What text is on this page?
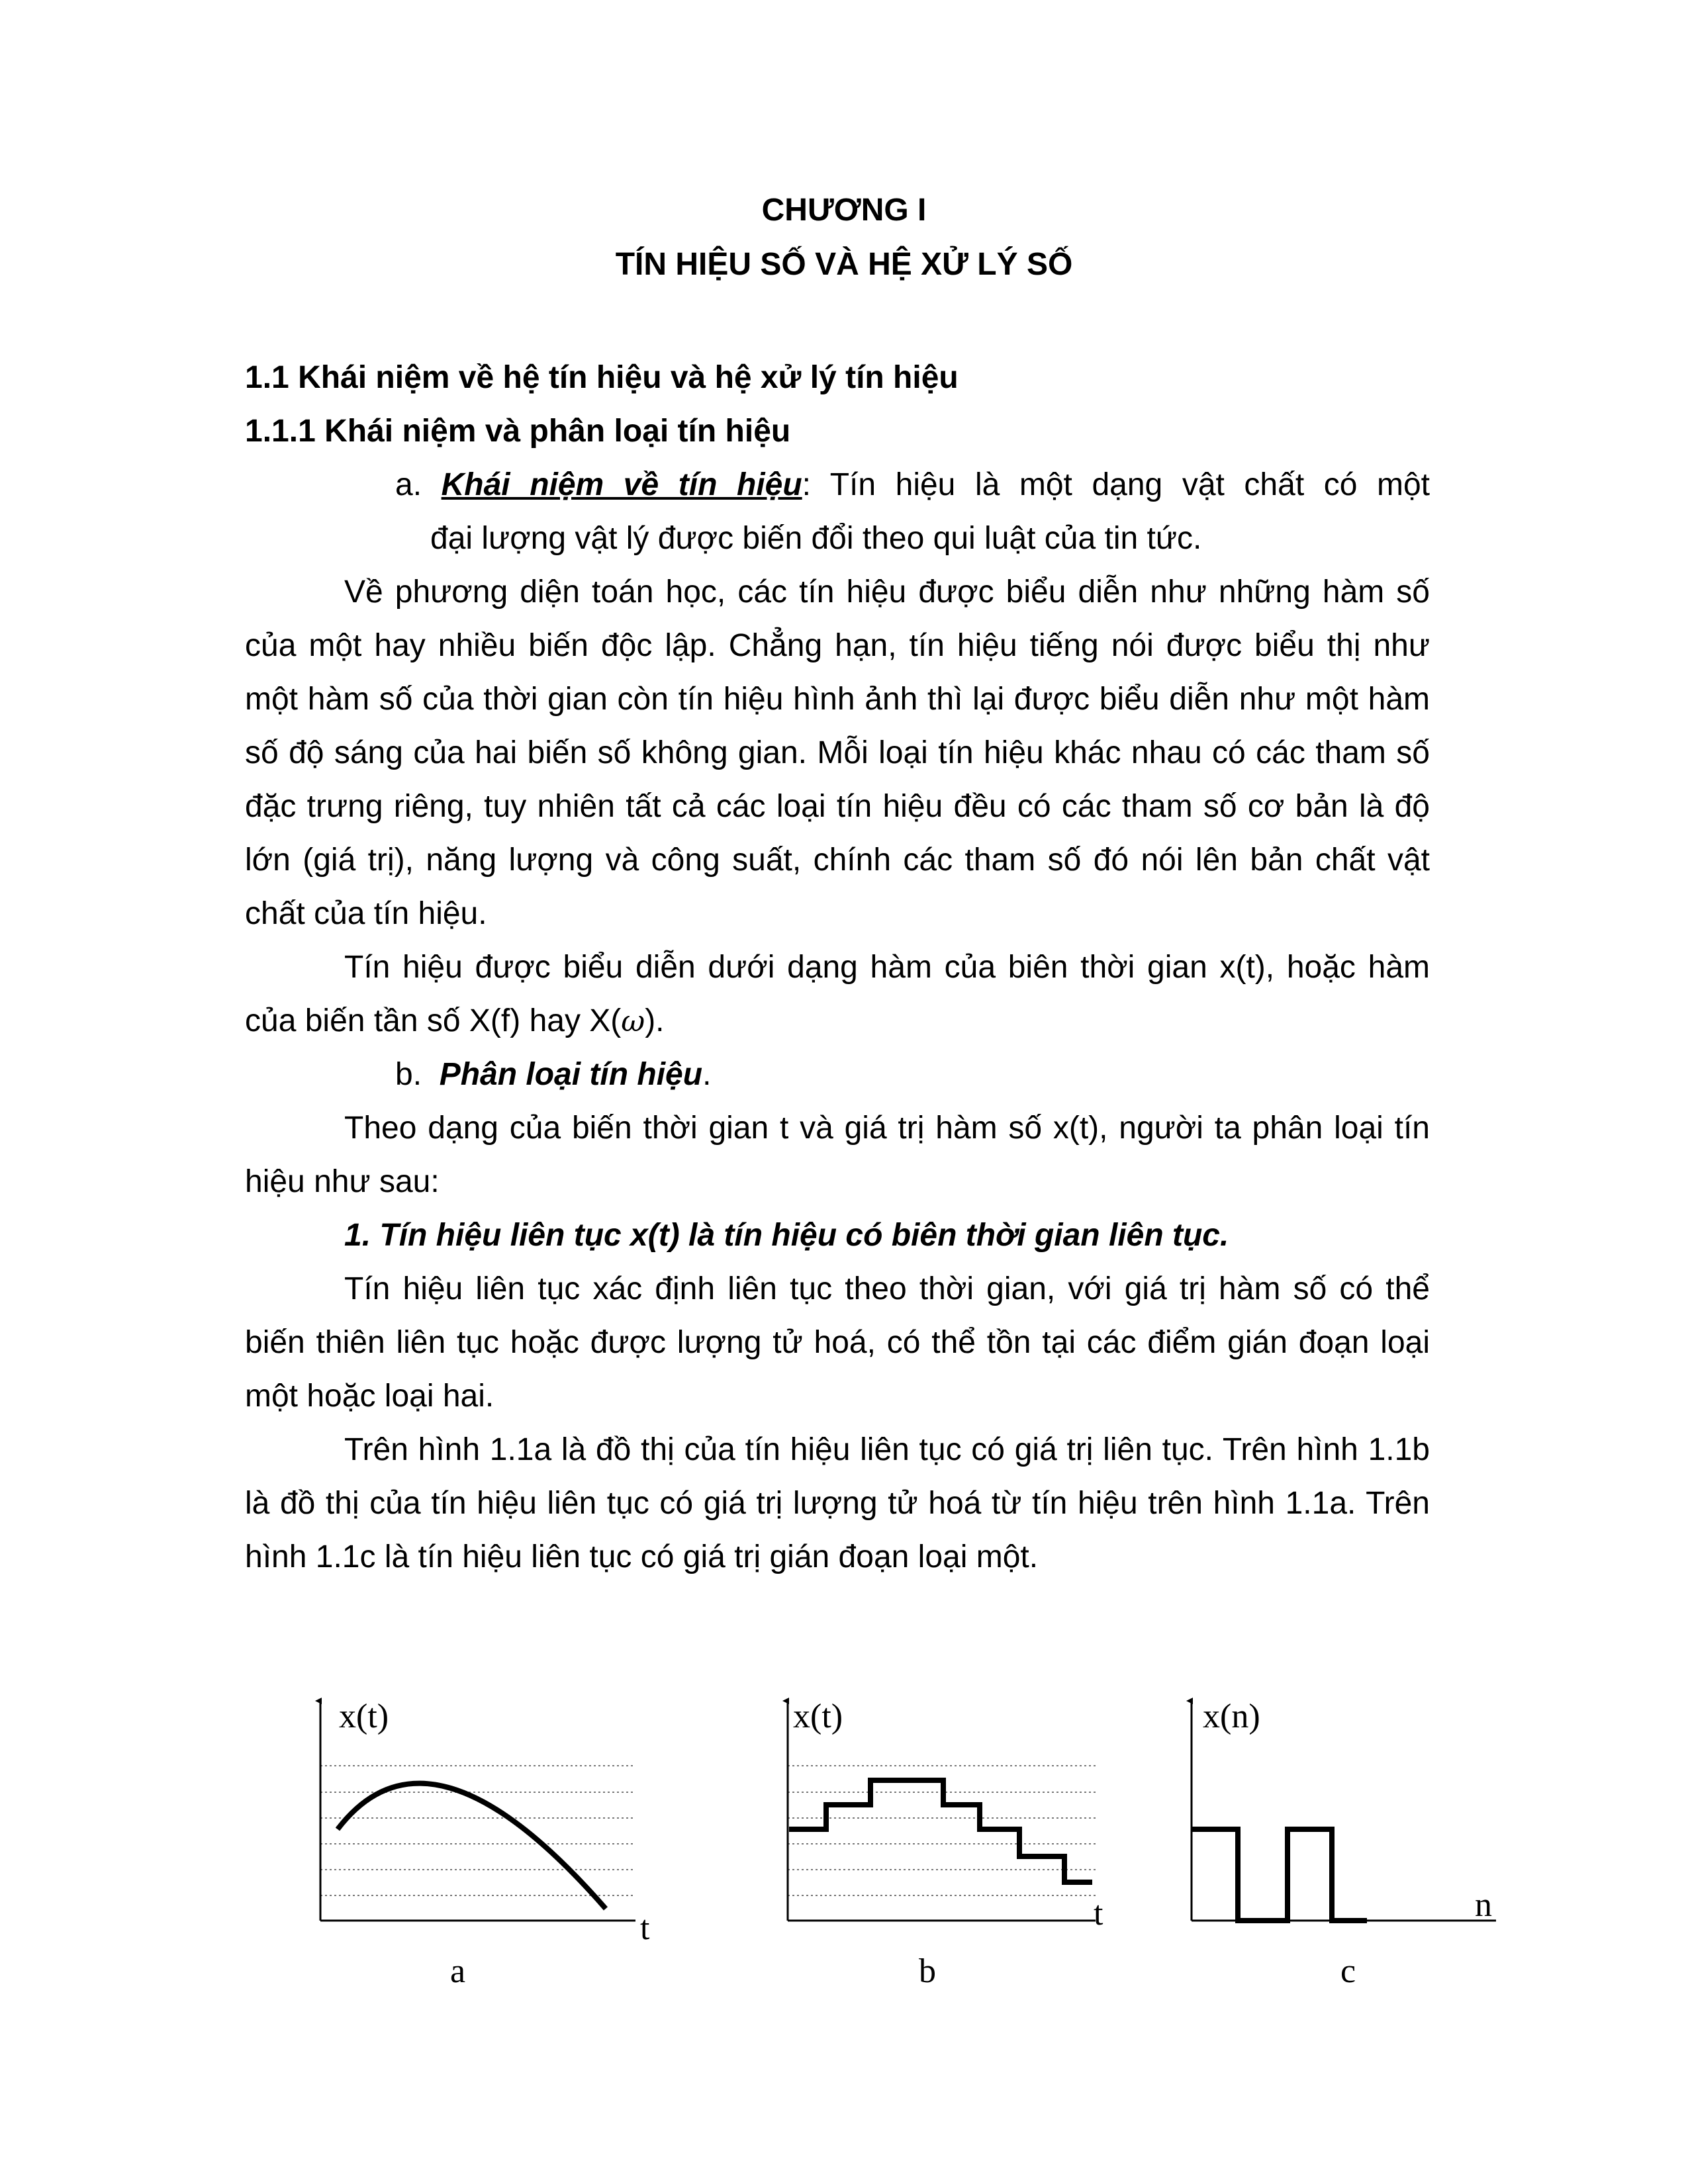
CHƯƠNG I
TÍN HIỆU SỐ VÀ HỆ XỬ LÝ SỐ
1.1 Khái niệm về hệ tín hiệu và hệ xử lý tín hiệu
1.1.1 Khái niệm và phân loại tín hiệu
a. Khái niệm về tín hiệu: Tín hiệu là một dạng vật chất có một
đại lượng vật lý được biến đổi theo qui luật của tin tức.

Về phương diện toán học, các tín hiệu được biểu diễn như những hàm số của một hay nhiều biến độc lập. Chẳng hạn, tín hiệu tiếng nói được biểu thị như một hàm số của thời gian còn tín hiệu hình ảnh thì lại được biểu diễn như một hàm số độ sáng của hai biến số không gian. Mỗi loại tín hiệu khác nhau có các tham số đặc trưng riêng, tuy nhiên tất cả các loại tín hiệu đều có các tham số cơ bản là độ lớn (giá trị), năng lượng và công suất, chính các tham số đó nói lên bản chất vật chất của tín hiệu.

Tín hiệu được biểu diễn dưới dạng hàm của biên thời gian x(t), hoặc hàm của biến tần số X(f) hay X(ω).

b. Phân loại tín hiệu.

Theo dạng của biến thời gian t và giá trị hàm số x(t), người ta phân loại tín hiệu như sau:

1. Tín hiệu liên tục x(t) là tín hiệu có biên thời gian liên tục.

Tín hiệu liên tục xác định liên tục theo thời gian, với giá trị hàm số có thể biến thiên liên tục hoặc được lượng tử hoá, có thể tồn tại các điểm gián đoạn loại một hoặc loại hai.

Trên hình 1.1a là đồ thị của tín hiệu liên tục có giá trị liên tục. Trên hình 1.1b là đồ thị của tín hiệu liên tục có giá trị lượng tử hoá từ tín hiệu trên hình 1.1a. Trên hình 1.1c là tín hiệu liên tục có giá trị gián đoạn loại một.

x(t)
t
a
x(t)
t
b
x(n)
n
c
